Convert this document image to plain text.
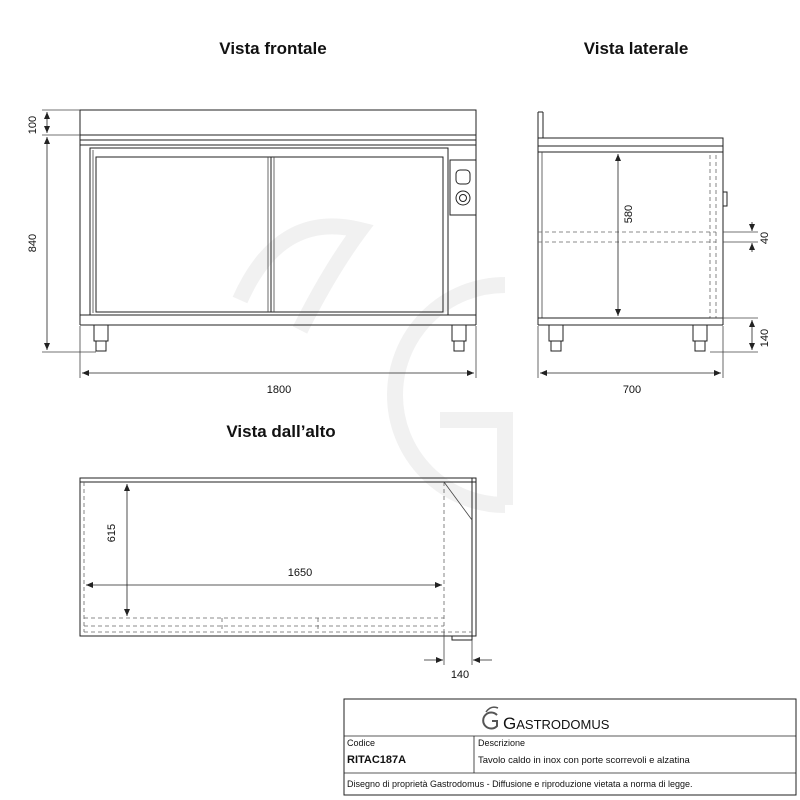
Vista frontale	Vista laterale
Vista dall’alto
100
840
1800
580
40
140
700
615
1650
140
GASTRODOMUS
Codice
RITAC187A
Descrizione
Tavolo caldo in inox con porte scorrevoli e alzatina
Disegno di proprietà Gastrodomus - Diffusione e riproduzione vietata a norma di legge.
